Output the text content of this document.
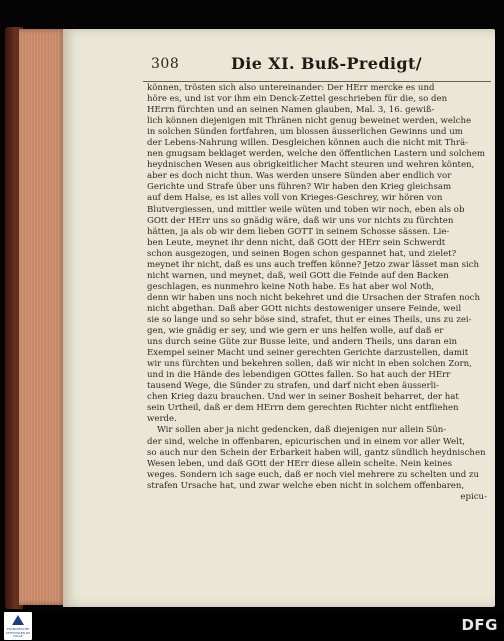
308	Die XI. Buß-Predigt/
können, trösten sich also untereinander: Der HErr mercke es und
höre es, und ist vor ihm ein Denck-Zettel geschrieben für die, so den
HErrn fürchten und an seinen Namen glauben, Mal. 3, 16. gewiß-
lich können diejenigen mit Thränen nicht genug beweinet werden, welche
in solchen Sünden fortfahren, um blossen äusserlichen Gewinns und um
der Lebens-Nahrung willen. Desgleichen können auch die nicht mit Thrä-
nen gnugsam beklaget werden, welche den öffentlichen Lastern und solchem
heydnischen Wesen aus obrigkeitlicher Macht steuren und wehren könten,
aber es doch nicht thun. Was werden unsere Sünden aber endlich vor
Gerichte und Strafe über uns führen? Wir haben den Krieg gleichsam
auf dem Halse, es ist alles voll von Krieges-Geschrey, wir hören von
Blutvergiessen, und mittler weile wüten und toben wir noch, eben als ob
GOtt der HErr uns so gnädig wäre, daß wir uns vor nichts zu fürchten
hätten, ja als ob wir dem lieben GOTT in seinem Schosse sässen. Lie-
ben Leute, meynet ihr denn nicht, daß GOtt der HErr sein Schwerdt
schon ausgezogen, und seinen Bogen schon gespannet hat, und zielet?
meynet ihr nicht, daß es uns auch treffen könne? Jetzo zwar lässet man sich
nicht warnen, und meynet, daß, weil GOtt die Feinde auf den Backen
geschlagen, es nunmehro keine Noth habe. Es hat aber wol Noth,
denn wir haben uns noch nicht bekehret und die Ursachen der Strafen noch
nicht abgethan. Daß aber GOtt nichts destoweniger unsere Feinde, weil
sie so lange und so sehr böse sind, strafet, thut er eines Theils, uns zu zei-
gen, wie gnädig er sey, und wie gern er uns helfen wolle, auf daß er
uns durch seine Güte zur Busse leite, und andern Theils, uns daran ein
Exempel seiner Macht und seiner gerechten Gerichte darzustellen, damit
wir uns fürchten und bekehren sollen, daß wir nicht in eben solchen Zorn,
und in die Hände des lebendigen GOttes fallen. So hat auch der HErr
tausend Wege, die Sünder zu strafen, und darf nicht eben äusserli-
chen Krieg dazu brauchen. Und wer in seiner Bosheit beharret, der hat
sein Urtheil, daß er dem HErrn dem gerechten Richter nicht entfliehen
werde.
Wir sollen aber ja nicht gedencken, daß diejenigen nur allein Sün-
der sind, welche in offenbaren, epicurischen und in einem vor aller Welt,
so auch nur den Schein der Erbarkeit haben will, gantz sündlich heydnischen
Wesen leben, und daß GOtt der HErr diese allein schelte. Nein keines
weges. Sondern ich sage euch, daß er noch viel mehrere zu schelten und zu
strafen Ursache hat, und zwar welche eben nicht in solchem offenbaren,
epicu-
FRANCKESCHE STIFTUNGEN ZU HALLE
DFG
